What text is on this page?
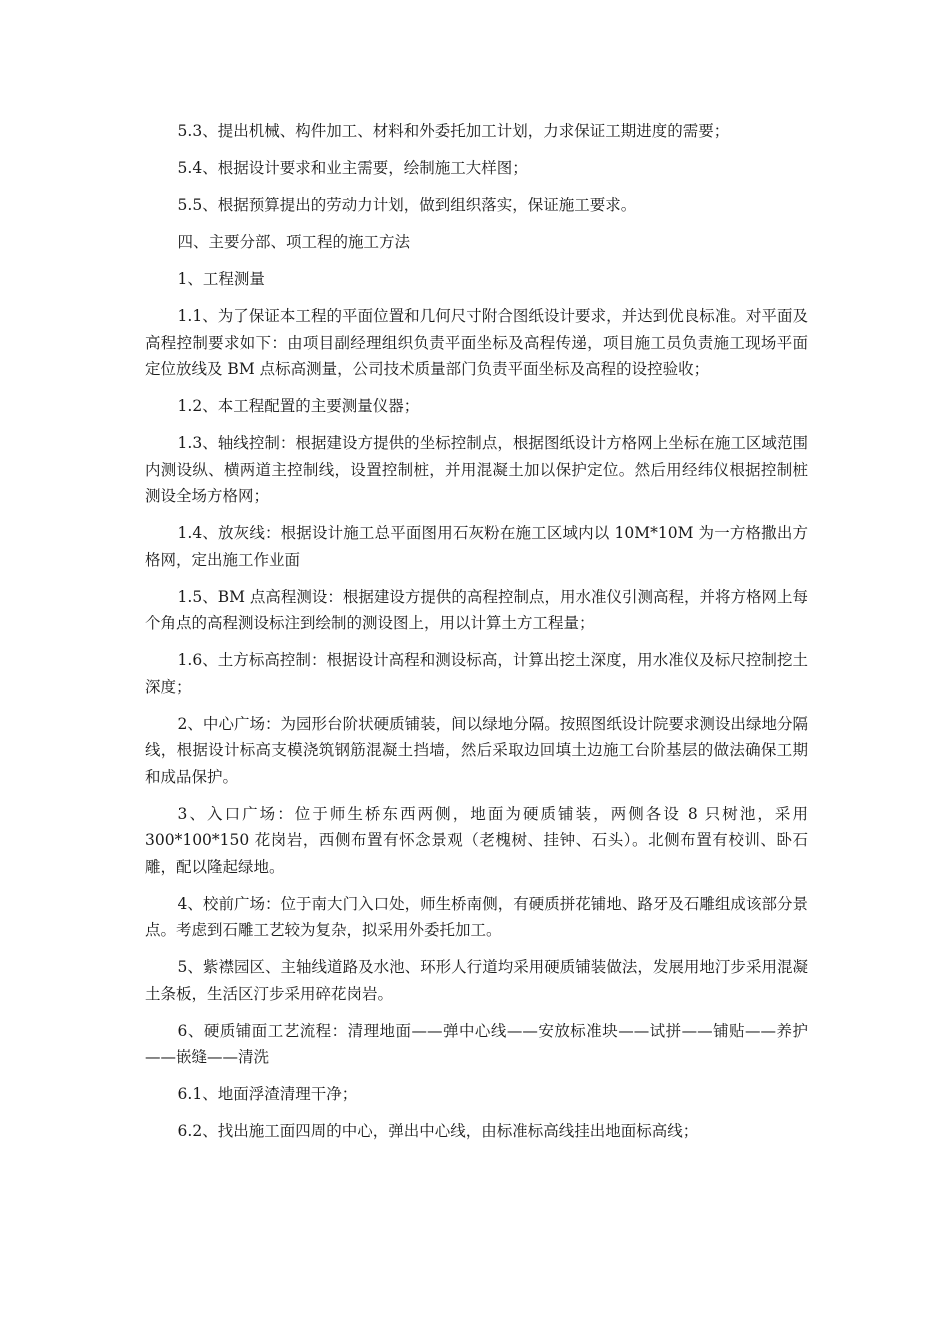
5.3、提出机械、构件加工、材料和外委托加工计划，力求保证工期进度的需要；

5.4、根据设计要求和业主需要，绘制施工大样图；

5.5、根据预算提出的劳动力计划，做到组织落实，保证施工要求。

四、主要分部、项工程的施工方法

1、工程测量

1.1、为了保证本工程的平面位置和几何尺寸附合图纸设计要求，并达到优良标准。对平面及高程控制要求如下：由项目副经理组织负责平面坐标及高程传递，项目施工员负责施工现场平面定位放线及 BM 点标高测量，公司技术质量部门负责平面坐标及高程的设控验收；

1.2、本工程配置的主要测量仪器；

1.3、轴线控制：根据建设方提供的坐标控制点，根据图纸设计方格网上坐标在施工区域范围内测设纵、横两道主控制线，设置控制桩，并用混凝土加以保护定位。然后用经纬仪根据控制桩测设全场方格网；

1.4、放灰线：根据设计施工总平面图用石灰粉在施工区域内以 10M*10M 为一方格撒出方格网，定出施工作业面

1.5、BM 点高程测设：根据建设方提供的高程控制点，用水准仪引测高程，并将方格网上每个角点的高程测设标注到绘制的测设图上，用以计算土方工程量；

1.6、土方标高控制：根据设计高程和测设标高，计算出挖土深度，用水准仪及标尺控制挖土深度；

2、中心广场：为园形台阶状硬质铺装，间以绿地分隔。按照图纸设计院要求测设出绿地分隔线，根据设计标高支模浇筑钢筋混凝土挡墙，然后采取边回填土边施工台阶基层的做法确保工期和成品保护。

3、入口广场：位于师生桥东西两侧，地面为硬质铺装，两侧各设 8 只树池，采用 300*100*150 花岗岩，西侧布置有怀念景观（老槐树、挂钟、石头）。北侧布置有校训、卧石雕，配以隆起绿地。

4、校前广场：位于南大门入口处，师生桥南侧，有硬质拼花铺地、路牙及石雕组成该部分景点。考虑到石雕工艺较为复杂，拟采用外委托加工。

5、紫襟园区、主轴线道路及水池、环形人行道均采用硬质铺装做法，发展用地汀步采用混凝土条板，生活区汀步采用碎花岗岩。

6、硬质铺面工艺流程：清理地面——弹中心线——安放标准块——试拼——铺贴——养护——嵌缝——清洗

6.1、地面浮渣清理干净；

6.2、找出施工面四周的中心，弹出中心线，由标准标高线挂出地面标高线；
